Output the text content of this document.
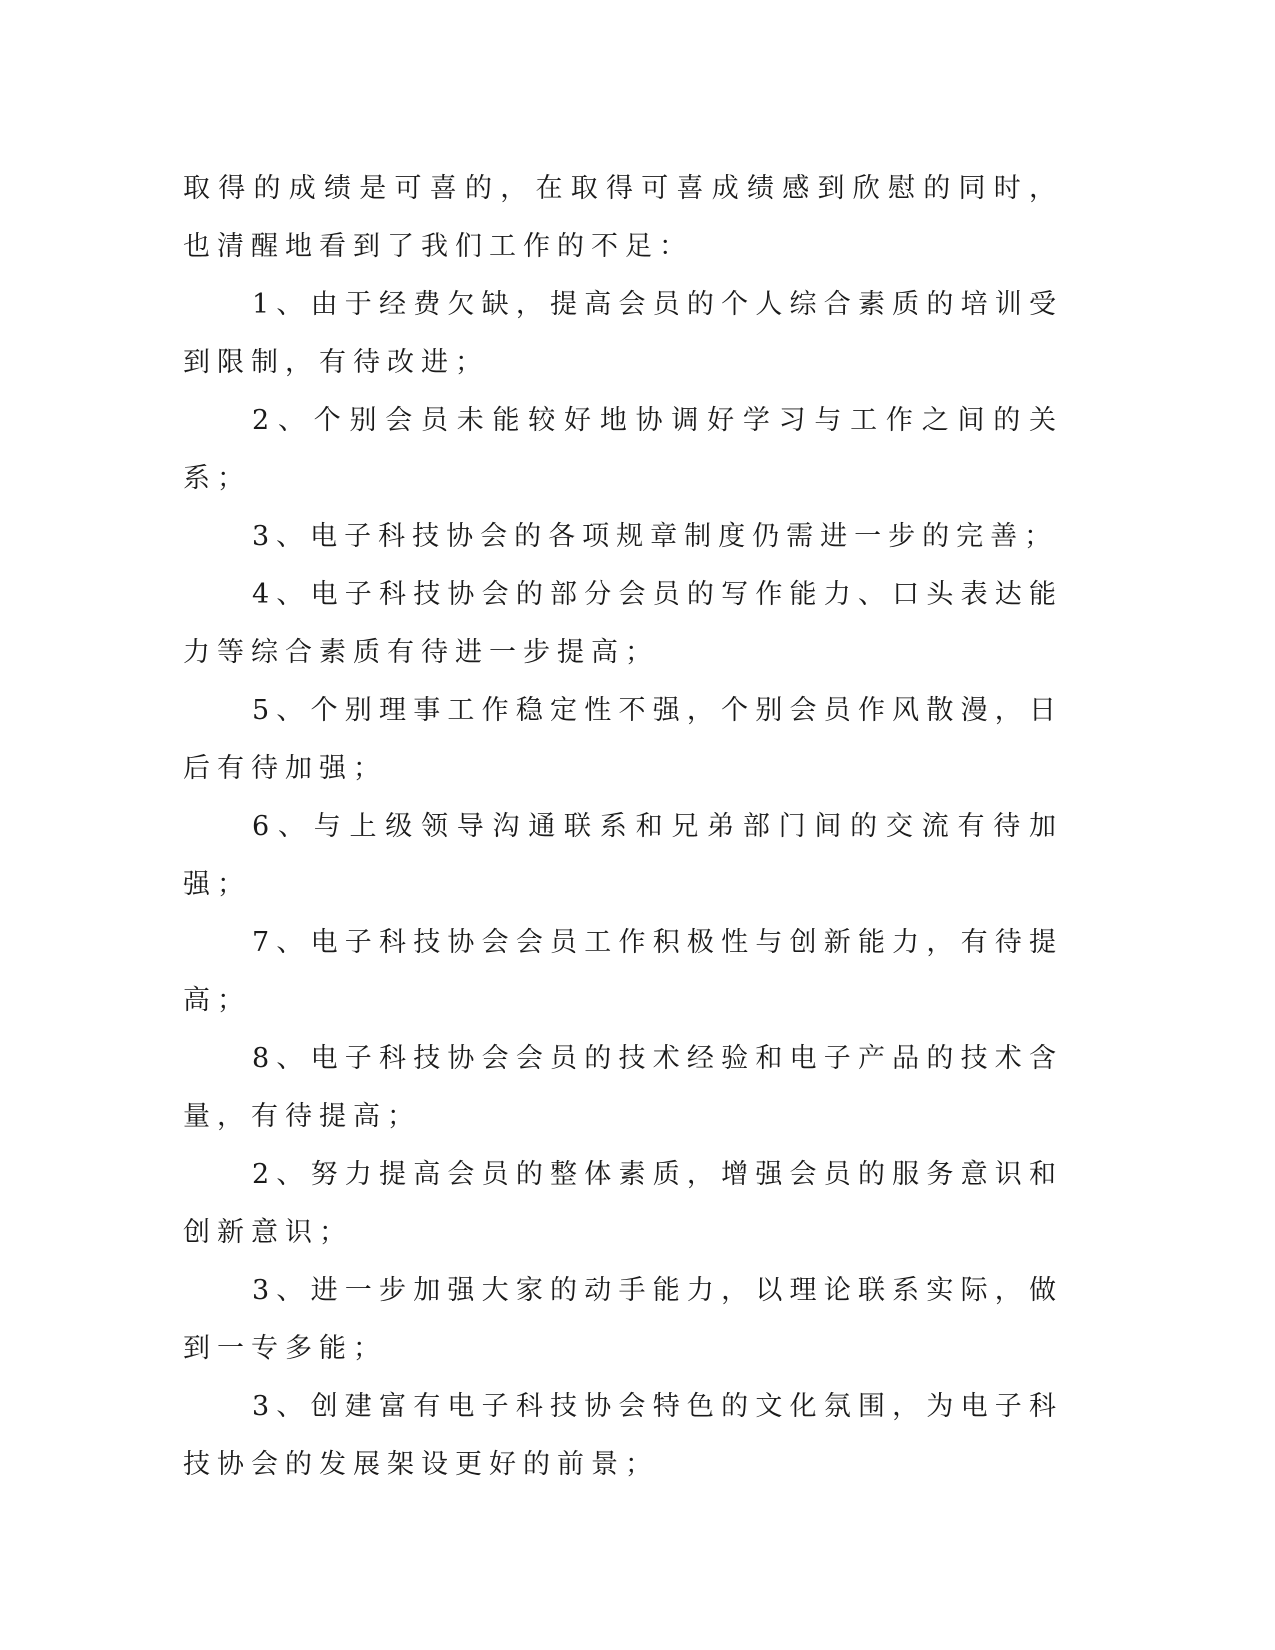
取得的成绩是可喜的，在取得可喜成绩感到欣慰的同时，也清醒地看到了我们工作的不足：

1、由于经费欠缺，提高会员的个人综合素质的培训受到限制，有待改进；

2、个别会员未能较好地协调好学习与工作之间的关系；

3、电子科技协会的各项规章制度仍需进一步的完善；

4、电子科技协会的部分会员的写作能力、口头表达能力等综合素质有待进一步提高；

5、个别理事工作稳定性不强，个别会员作风散漫，日后有待加强；

6、与上级领导沟通联系和兄弟部门间的交流有待加强；

7、电子科技协会会员工作积极性与创新能力，有待提高；

8、电子科技协会会员的技术经验和电子产品的技术含量，有待提高；

2、努力提高会员的整体素质，增强会员的服务意识和创新意识；

3、进一步加强大家的动手能力，以理论联系实际，做到一专多能；

3、创建富有电子科技协会特色的文化氛围，为电子科技协会的发展架设更好的前景；
